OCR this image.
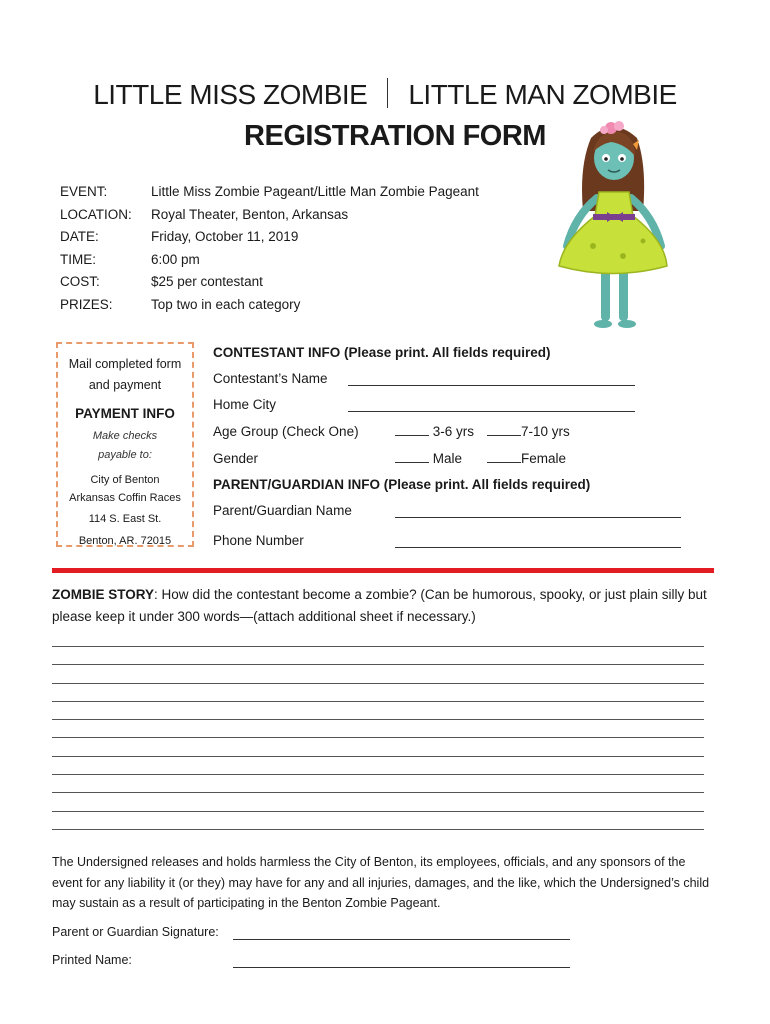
LITTLE MISS ZOMBIE LITTLE MAN ZOMBIE
REGISTRATION FORM
EVENT:	Little Miss Zombie Pageant/Little Man Zombie Pageant
LOCATION:	Royal Theater, Benton, Arkansas
DATE:	Friday, October 11, 2019
TIME:	6:00 pm
COST:	$25 per contestant
PRIZES:	Top two in each category
Mail completed form
and payment
PAYMENT INFO
Make checks
payable to:
City of Benton
Arkansas Coffin Races
114 S. East St.
Benton, AR. 72015
CONTESTANT INFO (Please print. All fields required)
Contestant’s Name
Home City
Age Group (Check One)	3-6 yrs	7-10 yrs
Gender	Male	Female
PARENT/GUARDIAN INFO (Please print. All fields required)
Parent/Guardian Name
Phone Number
ZOMBIE STORY: How did the contestant become a zombie? (Can be humorous, spooky, or just plain silly but please keep it under 300 words—(attach additional sheet if necessary.)
The Undersigned releases and holds harmless the City of Benton, its employees, officials, and any sponsors of the event for any liability it (or they) may have for any and all injuries, damages, and the like, which the Undersigned’s child may sustain as a result of participating in the Benton Zombie Pageant.
Parent or Guardian Signature:
Printed Name:
